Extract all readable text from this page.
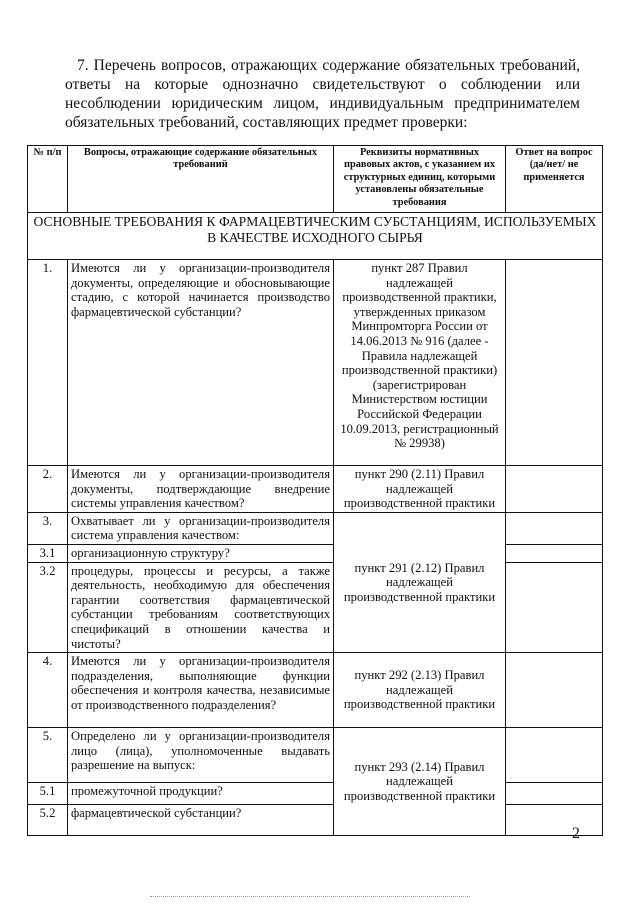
7. Перечень вопросов, отражающих содержание обязательных требований, ответы на которые однозначно свидетельствуют о соблюдении или несоблюдении юридическим лицом, индивидуальным предпринимателем обязательных требований, составляющих предмет проверки:
№ п/п	Вопросы, отражающие содержание обязательных требований	Реквизиты нормативных правовых актов, с указанием их структурных единиц, которыми установлены обязательные требования	Ответ на вопрос (да/нет/ не применяется
ОСНОВНЫЕ ТРЕБОВАНИЯ К ФАРМАЦЕВТИЧЕСКИМ СУБСТАНЦИЯМ, ИСПОЛЬЗУЕМЫХ В КАЧЕСТВЕ ИСХОДНОГО СЫРЬЯ			
1.	Имеются ли у организации-производителя документы, определяющие и обосновывающие стадию, с которой начинается производство фармацевтической субстанции?	пункт 287 Правил надлежащей производственной практики, утвержденных приказом Минпромторга России от 14.06.2013 № 916 (далее - Правила надлежащей производственной практики) (зарегистрирован Министерством юстиции Российской Федерации 10.09.2013, регистрационный № 29938)	
2.	Имеются ли у организации-производителя документы, подтверждающие внедрение системы управления качеством?	пункт 290 (2.11) Правил надлежащей производственной практики	
3.	Охватывает ли у организации-производителя система управления качеством:	пункт 291 (2.12) Правил надлежащей производственной практики	
3.1	организационную структуру?		
3.2	процедуры, процессы и ресурсы, а также деятельность, необходимую для обеспечения гарантии соответствия фармацевтической субстанции требованиям соответствующих спецификаций в отношении качества и чистоты?		
4.	Имеются ли у организации-производителя подразделения, выполняющие функции обеспечения и контроля качества, независимые от производственного подразделения?	пункт 292 (2.13) Правил надлежащей производственной практики	
5.	Определено ли у организации-производителя лицо (лица), уполномоченные выдавать разрешение на выпуск:	пункт 293 (2.14) Правил надлежащей производственной практики	
5.1	промежуточной продукции?		
5.2	фармацевтической субстанции?		
2
